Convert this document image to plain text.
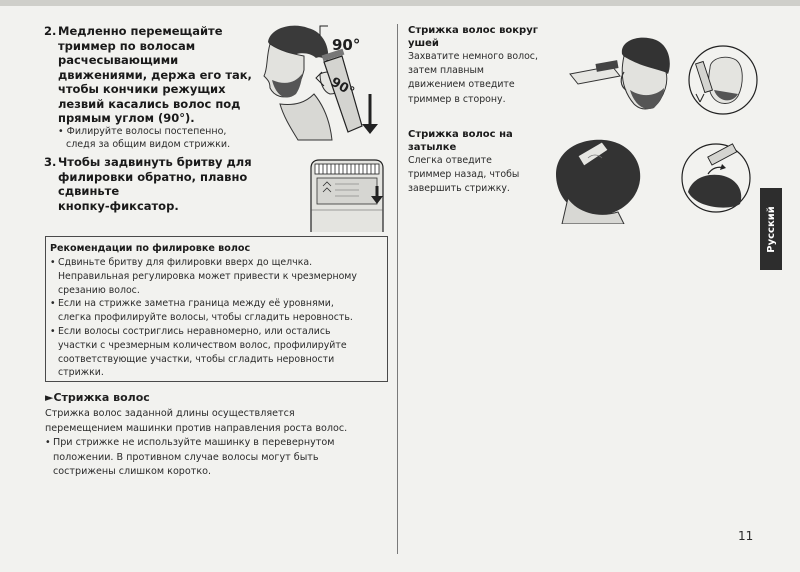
2. Медленно перемещайте
триммер по волосам
расчесывающими
движениями, держа его так,
чтобы кончики режущих
лезвий касались волос под
прямым углом (90°).
• Филируйте волосы постепенно,
следя за общим видом стрижки.
90°
90°
3. Чтобы задвинуть бритву для
филировки обратно, плавно сдвиньте
кнопку-фиксатор.
Рекомендации по филировке волос
• Сдвиньте бритву для филировки вверх до щелчка.
Неправильная регулировка может привести к чрезмерному
срезанию волос.
• Если на стрижке заметна граница между её уровнями,
слегка профилируйте волосы, чтобы сгладить неровность.
• Если волосы состриглись неравномерно, или остались
участки с чрезмерным количеством волос, профилируйте
соответствующие участки, чтобы сгладить неровности
стрижки.
►Стрижка волос
Стрижка волос заданной длины осуществляется
перемещением машинки против направления роста волос.
• При стрижке не используйте машинку в перевернутом
положении. В противном случае волосы могут быть
сострижены слишком коротко.
Стрижка волос вокруг ушей
Захватите немного волос,
затем плавным
движением отведите
триммер в сторону.
Стрижка волос на затылке
Слегка отведите
триммер назад, чтобы
завершить стрижку.
Русский
11
